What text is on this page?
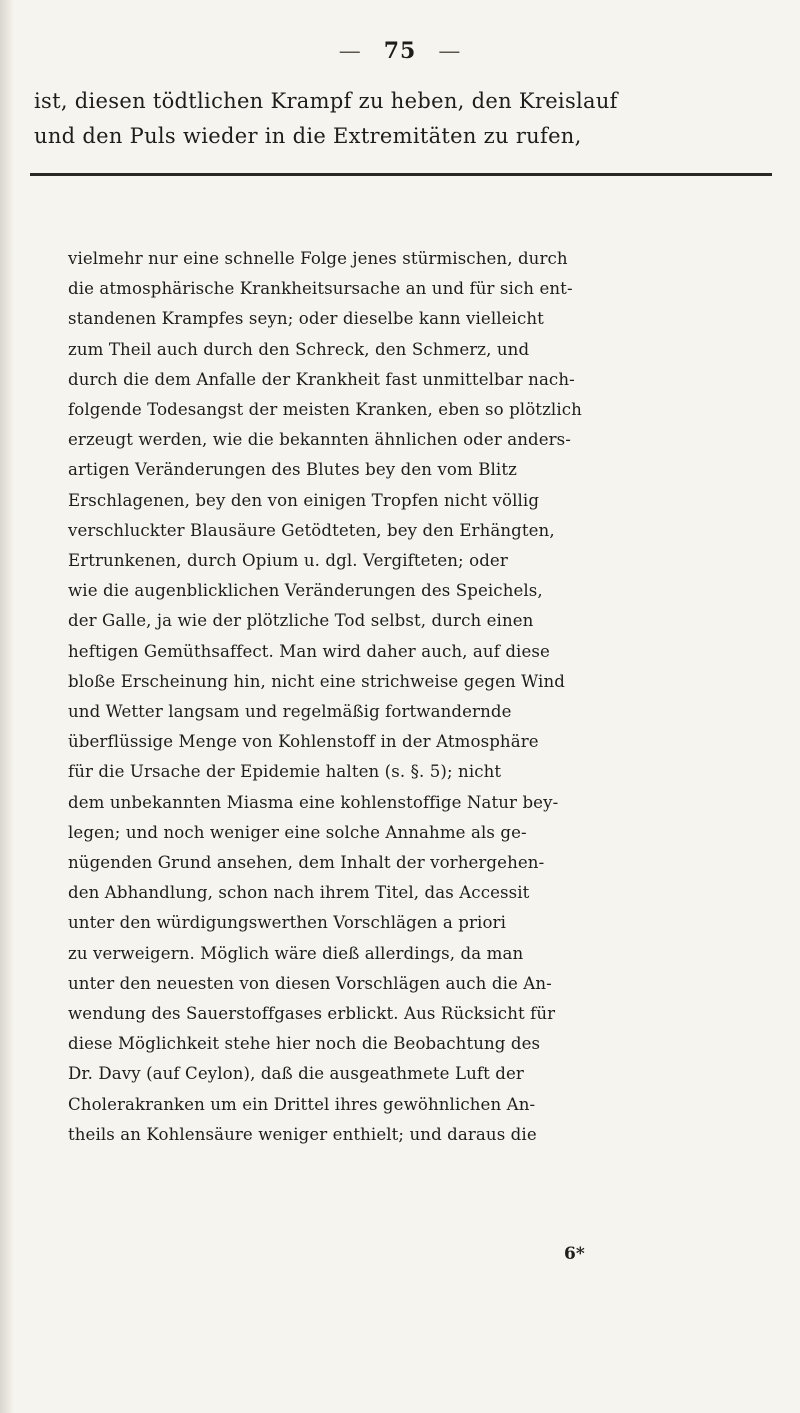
— 75 —
ist, diesen tödtlichen Krampf zu heben, den Kreislauf
und den Puls wieder in die Extremitäten zu rufen,
vielmehr nur eine schnelle Folge jenes stürmischen, durch
die atmosphärische Krankheitsursache an und für sich ent-
standenen Krampfes seyn; oder dieselbe kann vielleicht
zum Theil auch durch den Schreck, den Schmerz, und
durch die dem Anfalle der Krankheit fast unmittelbar nach-
folgende Todesangst der meisten Kranken, eben so plötzlich
erzeugt werden, wie die bekannten ähnlichen oder anders-
artigen Veränderungen des Blutes bey den vom Blitz
Erschlagenen, bey den von einigen Tropfen nicht völlig
verschluckter Blausäure Getödteten, bey den Erhängten,
Ertrunkenen, durch Opium u. dgl. Vergifteten; oder
wie die augenblicklichen Veränderungen des Speichels,
der Galle, ja wie der plötzliche Tod selbst, durch einen
heftigen Gemüthsaffect. Man wird daher auch, auf diese
bloße Erscheinung hin, nicht eine strichweise gegen Wind
und Wetter langsam und regelmäßig fortwandernde
überflüssige Menge von Kohlenstoff in der Atmosphäre
für die Ursache der Epidemie halten (s. §. 5); nicht
dem unbekannten Miasma eine kohlenstoffige Natur bey-
legen; und noch weniger eine solche Annahme als ge-
nügenden Grund ansehen, dem Inhalt der vorhergehen-
den Abhandlung, schon nach ihrem Titel, das Accessit
unter den würdigungswerthen Vorschlägen a priori
zu verweigern. Möglich wäre dieß allerdings, da man
unter den neuesten von diesen Vorschlägen auch die An-
wendung des Sauerstoffgases erblickt. Aus Rücksicht für
diese Möglichkeit stehe hier noch die Beobachtung des
Dr. Davy (auf Ceylon), daß die ausgeathmete Luft der
Cholerakranken um ein Drittel ihres gewöhnlichen An-
theils an Kohlensäure weniger enthielt; und daraus die
6*
